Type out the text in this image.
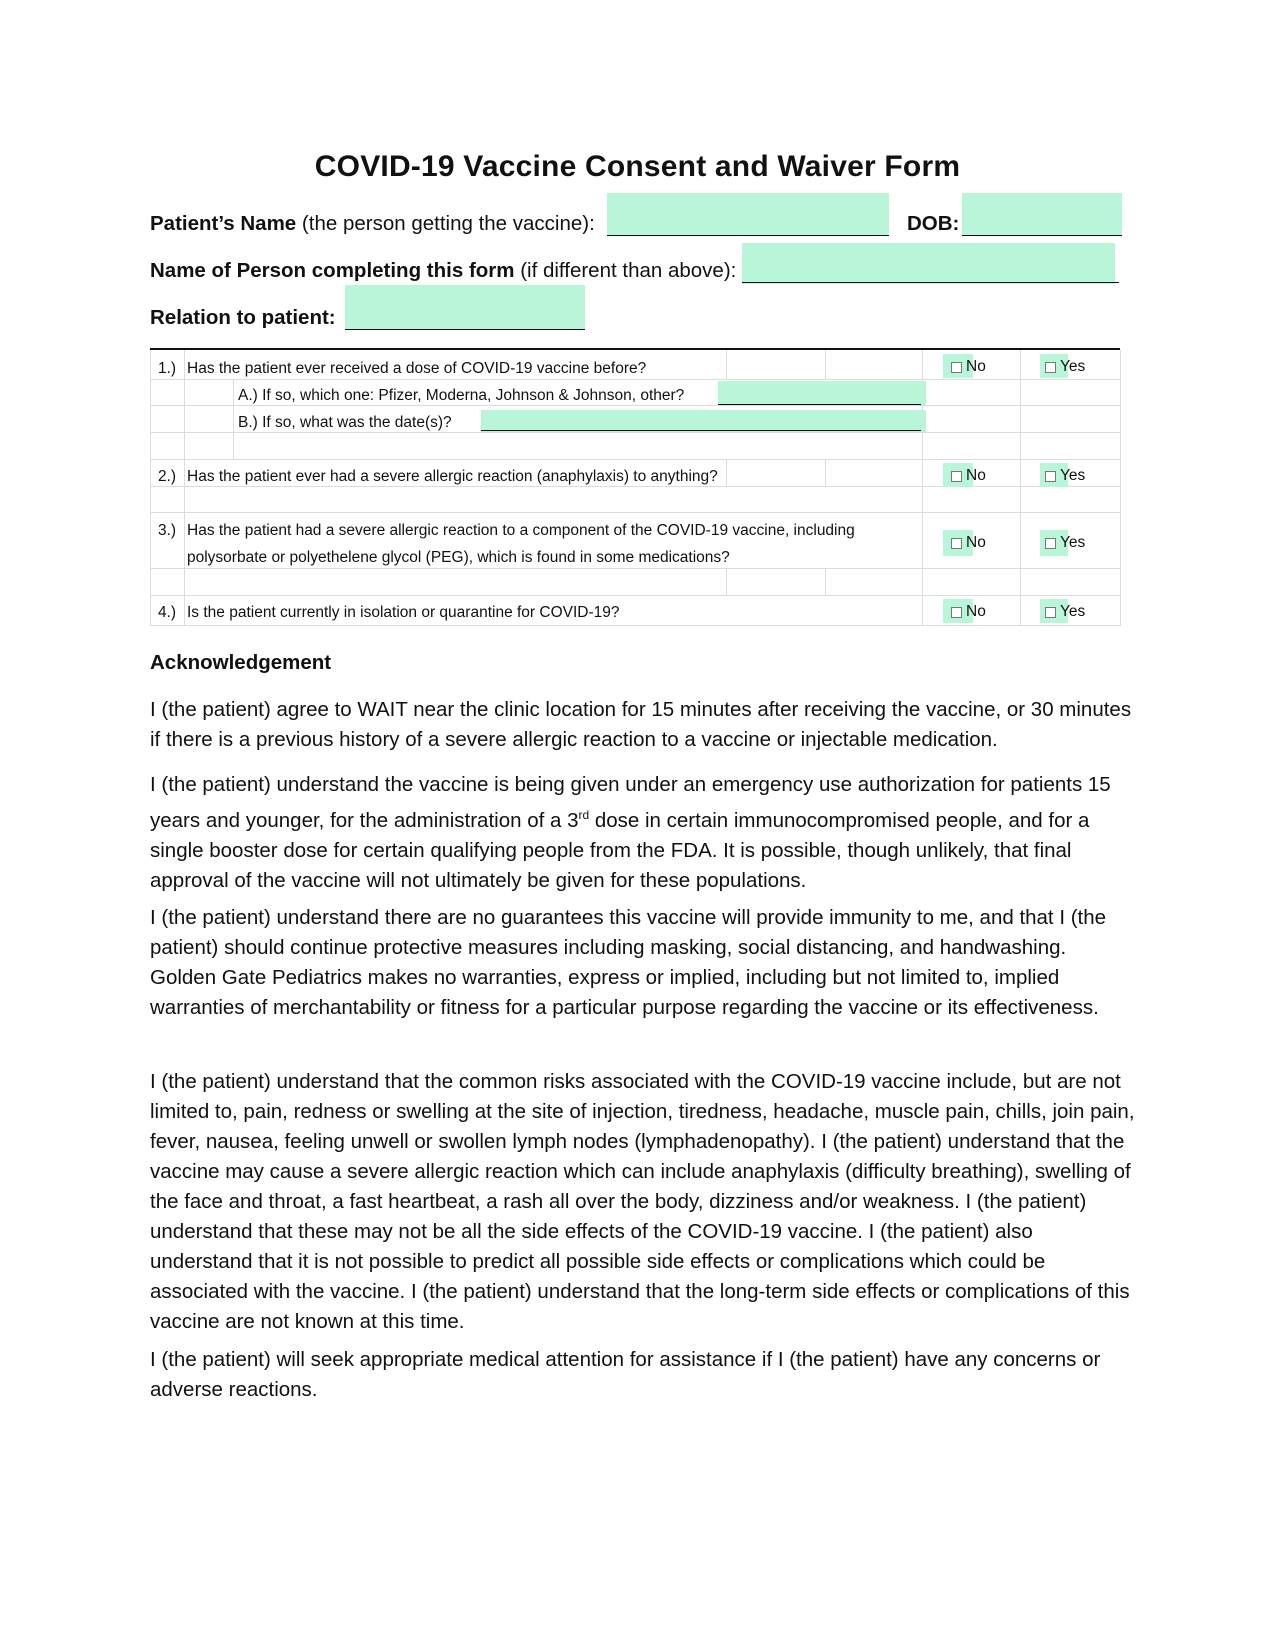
COVID-19 Vaccine Consent and Waiver Form
Patient’s Name (the person getting the vaccine):	DOB:
Name of Person completing this form (if different than above):
Relation to patient:
1.) Has the patient ever received a dose of COVID-19 vaccine before?	No	Yes
A.) If so, which one: Pfizer, Moderna, Johnson & Johnson, other?
B.) If so, what was the date(s)?
2.) Has the patient ever had a severe allergic reaction (anaphylaxis) to anything?	No	Yes
3.) Has the patient had a severe allergic reaction to a component of the COVID-19 vaccine, including
polysorbate or polyethelene glycol (PEG), which is found in some medications?
No	Yes
4.) Is the patient currently in isolation or quarantine for COVID-19?	No	Yes
Acknowledgement
I (the patient) agree to WAIT near the clinic location for 15 minutes after receiving the vaccine, or 30 minutes if there is a previous history of a severe allergic reaction to a vaccine or injectable medication.
I (the patient) understand the vaccine is being given under an emergency use authorization for patients 15 years and younger, for the administration of a 3rd dose in certain immunocompromised people, and for a single booster dose for certain qualifying people from the FDA. It is possible, though unlikely, that final approval of the vaccine will not ultimately be given for these populations.
I (the patient) understand there are no guarantees this vaccine will provide immunity to me, and that I (the patient) should continue protective measures including masking, social distancing, and handwashing. Golden Gate Pediatrics makes no warranties, express or implied, including but not limited to, implied warranties of merchantability or fitness for a particular purpose regarding the vaccine or its effectiveness.
I (the patient) understand that the common risks associated with the COVID-19 vaccine include, but are not limited to, pain, redness or swelling at the site of injection, tiredness, headache, muscle pain, chills, join pain, fever, nausea, feeling unwell or swollen lymph nodes (lymphadenopathy). I (the patient) understand that the vaccine may cause a severe allergic reaction which can include anaphylaxis (difficulty breathing), swelling of the face and throat, a fast heartbeat, a rash all over the body, dizziness and/or weakness. I (the patient) understand that these may not be all the side effects of the COVID-19 vaccine. I (the patient) also understand that it is not possible to predict all possible side effects or complications which could be associated with the vaccine. I (the patient) understand that the long-term side effects or complications of this vaccine are not known at this time.
I (the patient) will seek appropriate medical attention for assistance if I (the patient) have any concerns or adverse reactions.
